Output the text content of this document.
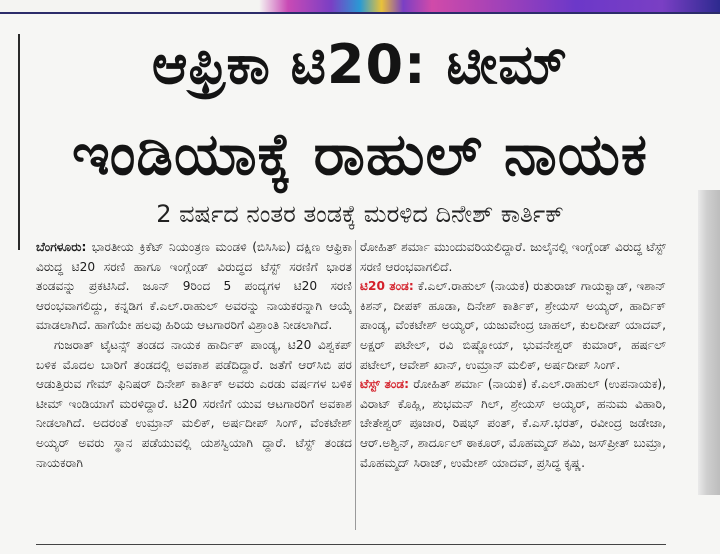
ಆಫ್ರಿಕಾ ಟಿ20: ಟೀಮ್
ಇಂಡಿಯಾಕ್ಕೆ ರಾಹುಲ್ ನಾಯಕ
2 ವರ್ಷದ ನಂತರ ತಂಡಕ್ಕೆ ಮರಳಿದ ದಿನೇಶ್ ಕಾರ್ತಿಕ್

ಬೆಂಗಳೂರು: ಭಾರತೀಯ ಕ್ರಿಕೆಟ್ ನಿಯಂತ್ರಣ ಮಂಡಳಿ (ಬಿಸಿಸಿಐ) ದಕ್ಷಿಣ ಆಫ್ರಿಕಾ ವಿರುದ್ಧ ಟಿ20 ಸರಣಿ ಹಾಗೂ ಇಂಗ್ಲೆಂಡ್ ವಿರುದ್ಧದ ಟೆಸ್ಟ್ ಸರಣಿಗೆ ಭಾರತ ತಂಡವನ್ನು ಪ್ರಕಟಿಸಿದೆ. ಜೂನ್ 9ರಿಂದ 5 ಪಂದ್ಯಗಳ ಟಿ20 ಸರಣಿ ಆರಂಭವಾಗಲಿದ್ದು, ಕನ್ನಡಿಗ ಕೆ.ಎಲ್.ರಾಹುಲ್ ಅವರನ್ನು ನಾಯಕರನ್ನಾಗಿ ಆಯ್ಕೆ ಮಾಡಲಾಗಿದೆ. ಹಾಗೆಯೇ ಹಲವು ಹಿರಿಯ ಆಟಗಾರರಿಗೆ ವಿಶ್ರಾಂತಿ ನೀಡಲಾಗಿದೆ.

ಗುಜರಾತ್ ಟೈಟನ್ಸ್ ತಂಡದ ನಾಯಕ ಹಾರ್ದಿಕ್ ಪಾಂಡ್ಯ, ಟಿ20 ವಿಶ್ವಕಪ್ ಬಳಿಕ ಮೊದಲ ಬಾರಿಗೆ ತಂಡದಲ್ಲಿ ಅವಕಾಶ ಪಡೆದಿದ್ದಾರೆ. ಜತೆಗೆ ಆರ್‌ಸಿಬಿ ಪರ ಆಡುತ್ತಿರುವ ಗೇಮ್ ಫಿನಿಷರ್ ದಿನೇಶ್ ಕಾರ್ತಿಕ್ ಅವರು ಎರಡು ವರ್ಷಗಳ ಬಳಿಕ ಟೀಮ್ ಇಂಡಿಯಾಗೆ ಮರಳಿದ್ದಾರೆ. ಟಿ20 ಸರಣಿಗೆ ಯುವ ಆಟಗಾರರಿಗೆ ಅವಕಾಶ ನೀಡಲಾಗಿದೆ. ಅದರಂತೆ ಉಮ್ರಾನ್ ಮಲಿಕ್, ಅರ್ಷದೀಪ್ ಸಿಂಗ್, ವೆಂಕಟೇಶ್ ಅಯ್ಯರ್ ಅವರು ಸ್ಥಾನ ಪಡೆಯುವಲ್ಲಿ ಯಶಸ್ವಿಯಾಗಿ ದ್ದಾರೆ. ಟೆಸ್ಟ್ ತಂಡದ ನಾಯಕರಾಗಿ

ರೋಹಿತ್ ಶರ್ಮಾ ಮುಂದುವರಿಯಲಿದ್ದಾರೆ. ಜುಲೈನಲ್ಲಿ ಇಂಗ್ಲೆಂಡ್ ವಿರುದ್ಧ ಟೆಸ್ಟ್ ಸರಣಿ ಆರಂಭವಾಗಲಿದೆ.

ಟಿ20 ತಂಡ: ಕೆ.ಎಲ್.ರಾಹುಲ್ (ನಾಯಕ) ರುತುರಾಜ್ ಗಾಯಕ್ವಾಡ್, ಇಶಾನ್ ಕಿಶನ್, ದೀಪಕ್ ಹೂಡಾ, ದಿನೇಶ್ ಕಾರ್ತಿಕ್, ಶ್ರೇಯಸ್ ಅಯ್ಯರ್, ಹಾರ್ದಿಕ್ ಪಾಂಡ್ಯ, ವೆಂಕಟೇಶ್ ಅಯ್ಯರ್, ಯಜುವೇಂದ್ರ ಚಾಹಲ್, ಕುಲದೀಪ್ ಯಾದವ್, ಅಕ್ಷರ್ ಪಟೇಲ್, ರವಿ ಬಿಷ್ಣೋಯ್, ಭುವನೇಶ್ವರ್ ಕುಮಾರ್, ಹರ್ಷಲ್ ಪಟೇಲ್, ಆವೇಶ್ ಖಾನ್, ಉಮ್ರಾನ್ ಮಲಿಕ್, ಅರ್ಷದೀಪ್ ಸಿಂಗ್.

ಟೆಸ್ಟ್ ತಂಡ: ರೋಹಿತ್ ಶರ್ಮಾ (ನಾಯಕ) ಕೆ.ಎಲ್.ರಾಹುಲ್ (ಉಪನಾಯಕ), ವಿರಾಟ್ ಕೊಹ್ಲಿ, ಶುಭಮನ್ ಗಿಲ್, ಶ್ರೇಯಸ್ ಅಯ್ಯರ್, ಹನುಮ ವಿಹಾರಿ, ಚೇತೇಶ್ವರ್ ಪೂಜಾರ, ರಿಷಭ್ ಪಂತ್, ಕೆ.ಎಸ್.ಭರತ್, ರವೀಂದ್ರ ಜಡೇಜಾ, ಆರ್.ಅಶ್ವಿನ್, ಶಾರ್ದೂಲ್ ಠಾಕೂರ್, ಮೊಹಮ್ಮದ್ ಶಮಿ, ಜಸ್‌ಪ್ರೀತ್ ಬುಮ್ರಾ, ಮೊಹಮ್ಮದ್ ಸಿರಾಜ್, ಉಮೇಶ್ ಯಾದವ್, ಪ್ರಸಿದ್ಧ ಕೃಷ್ಣ.
